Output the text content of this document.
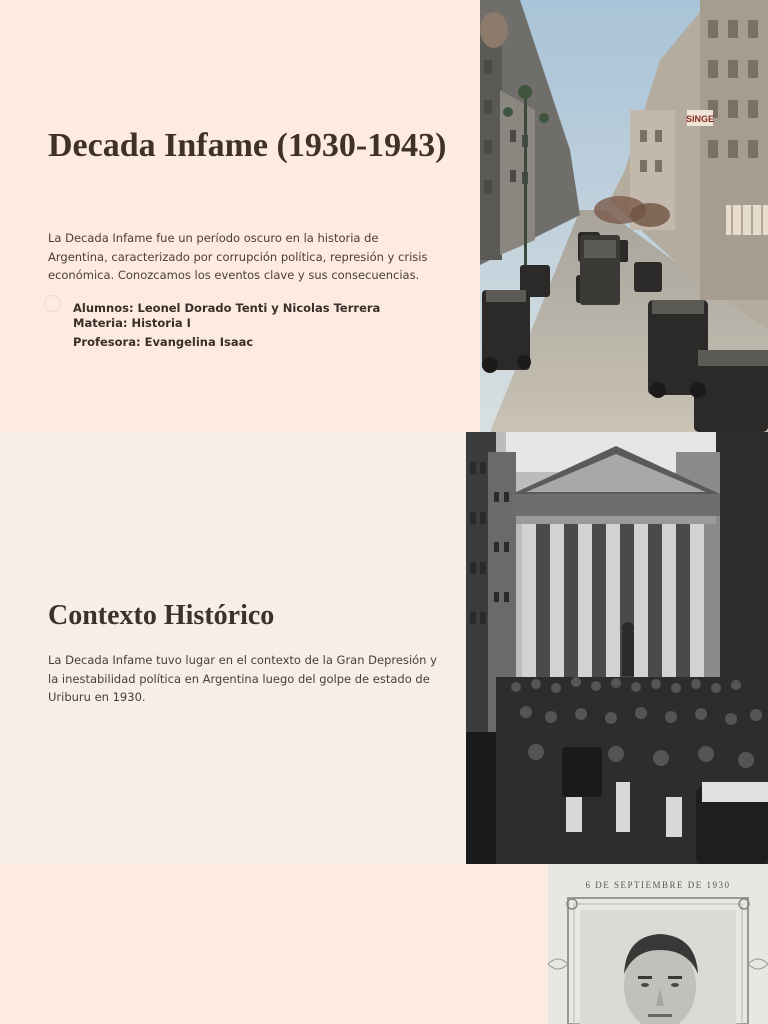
Decada Infame (1930-1943)

La Decada Infame fue un período oscuro en la historia de Argentina, caracterizado por corrupción política, represión y crisis económica. Conozcamos los eventos clave y sus consecuencias.

Alumnos: Leonel Dorado Tenti y Nicolas Terrera
Materia: Historia I
Profesora: Evangelina Isaac
SINGE
Contexto Histórico

La Decada Infame tuvo lugar en el contexto de la Gran Depresión y la inestabilidad política en Argentina luego del golpe de estado de Uriburu en 1930.

6 DE SEPTIEMBRE DE 1930
